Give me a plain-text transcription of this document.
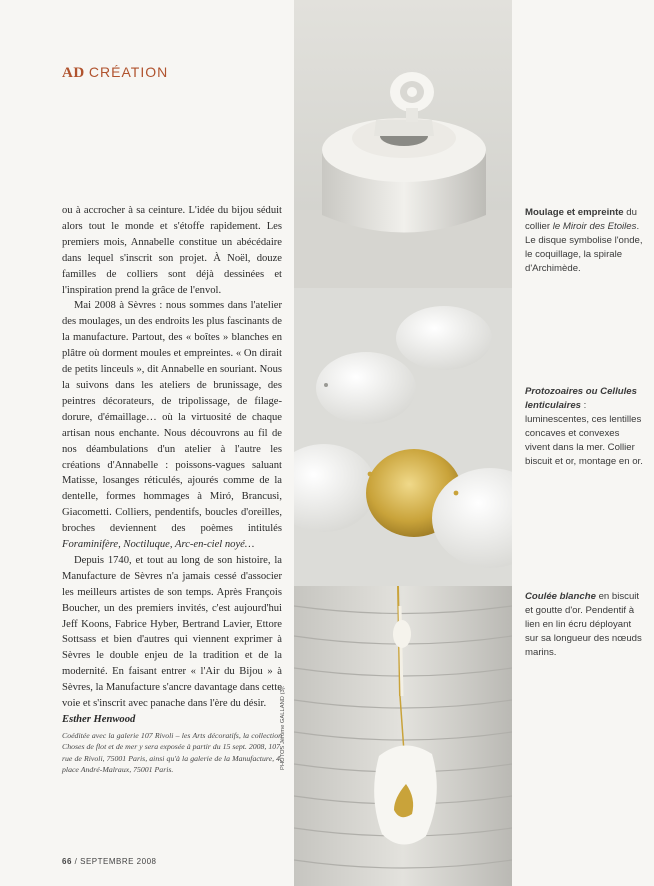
AD CRÉATION

ou à accrocher à sa ceinture. L'idée du bijou séduit alors tout le monde et s'étoffe rapidement. Les premiers mois, Annabelle constitue un abécédaire dans lequel s'inscrit son projet. À Noël, douze familles de colliers sont déjà dessinées et l'inspiration prend la grâce de l'envol.

Mai 2008 à Sèvres : nous sommes dans l'atelier des moulages, un des endroits les plus fascinants de la manufacture. Partout, des « boîtes » blanches en plâtre où dorment moules et empreintes. « On dirait de petits linceuls », dit Annabelle en souriant. Nous la suivons dans les ateliers de brunissage, des peintres décorateurs, de tripolissage, de filage-dorure, d'émaillage… où la virtuosité de chaque artisan nous enchante. Nous découvrons au fil de nos déambulations d'un atelier à l'autre les créations d'Annabelle : poissons-vagues saluant Matisse, losanges réticulés, ajourés comme de la dentelle, formes hommages à Miró, Brancusi, Giacometti. Colliers, pendentifs, boucles d'oreilles, broches deviennent des poèmes intitulés Foraminifère, Noctiluque, Arc-en-ciel noyé…

Depuis 1740, et tout au long de son histoire, la Manufacture de Sèvres n'a jamais cessé d'associer les meilleurs artistes de son temps. Après François Boucher, un des premiers invités, c'est aujourd'hui Jeff Koons, Fabrice Hyber, Bertrand Lavier, Ettore Sottsass et bien d'autres qui viennent exprimer à Sèvres le double enjeu de la tradition et de la modernité. En faisant entrer « l'Air du Bijou » à Sèvres, la Manufacture s'ancre davantage dans cette voie et s'inscrit avec panache dans l'ère du désir.

Esther Henwood
Coéditée avec la galerie 107 Rivoli – les Arts décoratifs, la collection Choses de flot et de mer y sera exposée à partir du 15 sept. 2008, 107, rue de Rivoli, 75001 Paris, ainsi qu'à la galerie de la Manufacture, 4, place André-Malraux, 75001 Paris.	PHOTOS Jérôme GALLAND (3).
Moulage et empreinte du collier le Miroir des Etoiles. Le disque symbolise l'onde, le coquillage, la spirale d'Archimède.
Protozoaires ou Cellules lenticulaires : luminescentes, ces lentilles concaves et convexes vivent dans la mer. Collier biscuit et or, montage en or.
Coulée blanche en biscuit et goutte d'or. Pendentif à lien en lin écru déployant sur sa longueur des nœuds marins.
66 / SEPTEMBRE 2008
